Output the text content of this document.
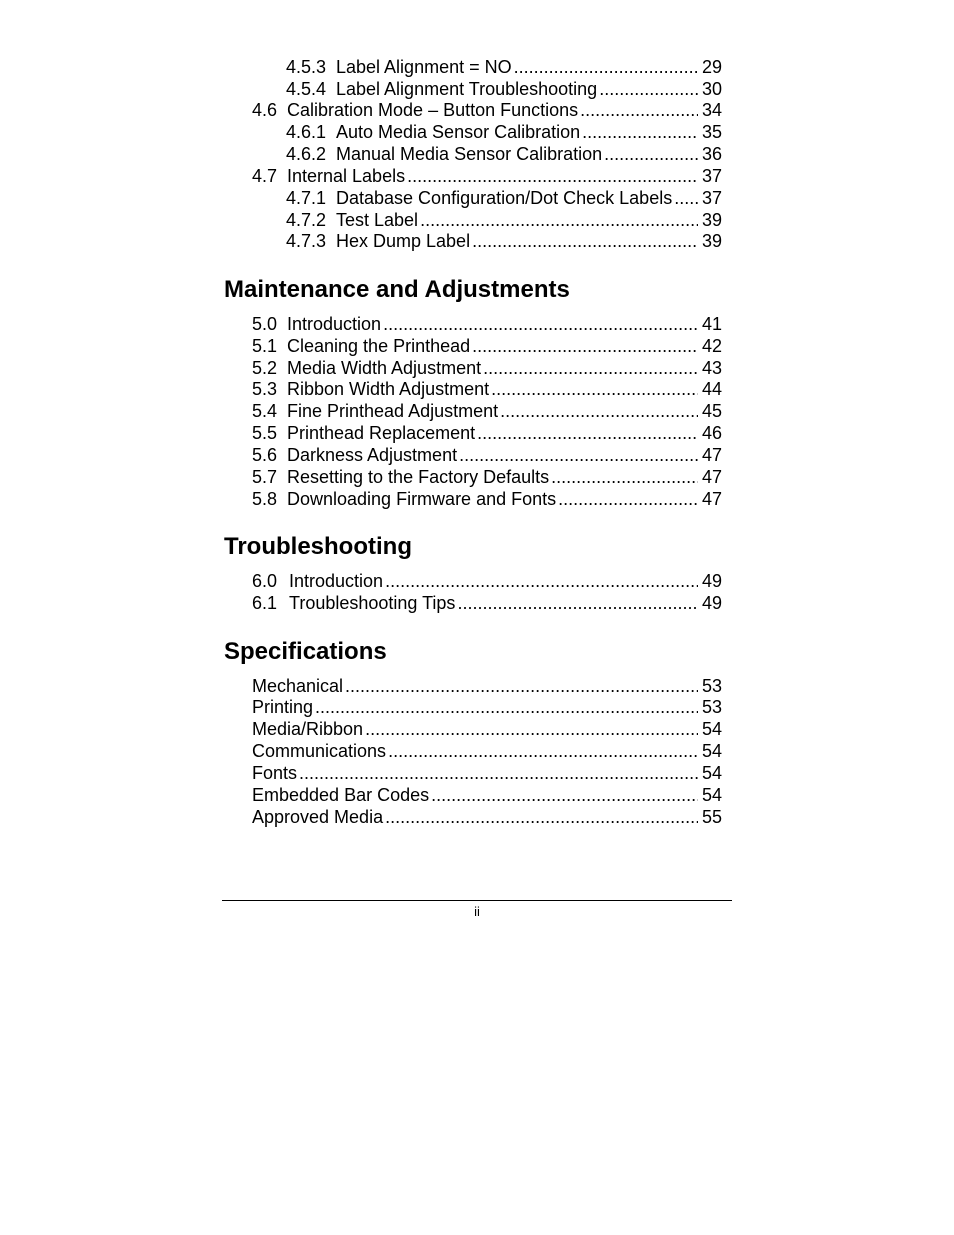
4.5.3 Label Alignment = NO .....	29
4.5.4 Label Alignment Troubleshooting .....	30
4.6 Calibration Mode – Button Functions .....	34
4.6.1 Auto Media Sensor Calibration .....	35
4.6.2 Manual Media Sensor Calibration .....	36
4.7 Internal Labels .....	37
4.7.1 Database Configuration/Dot Check Labels ..... 37
4.7.2 Test Label .....	39
4.7.3 Hex Dump Label .....	39
Maintenance and Adjustments
5.0 Introduction .....	41
5.1 Cleaning the Printhead .....	42
5.2 Media Width Adjustment .....	43
5.3 Ribbon Width Adjustment .....	44
5.4 Fine Printhead Adjustment .....	45
5.5 Printhead Replacement .....	46
5.6 Darkness Adjustment .....	47
5.7 Resetting to the Factory Defaults .....	47
5.8 Downloading Firmware and Fonts .....	47
Troubleshooting
6.0 Introduction .....	49
6.1 Troubleshooting Tips .....	49
Specifications
Mechanical .....	53
Printing .....	53
Media/Ribbon .....	54
Communications .....	54
Fonts .....	54
Embedded Bar Codes .....	54
Approved Media .....	55
ii
